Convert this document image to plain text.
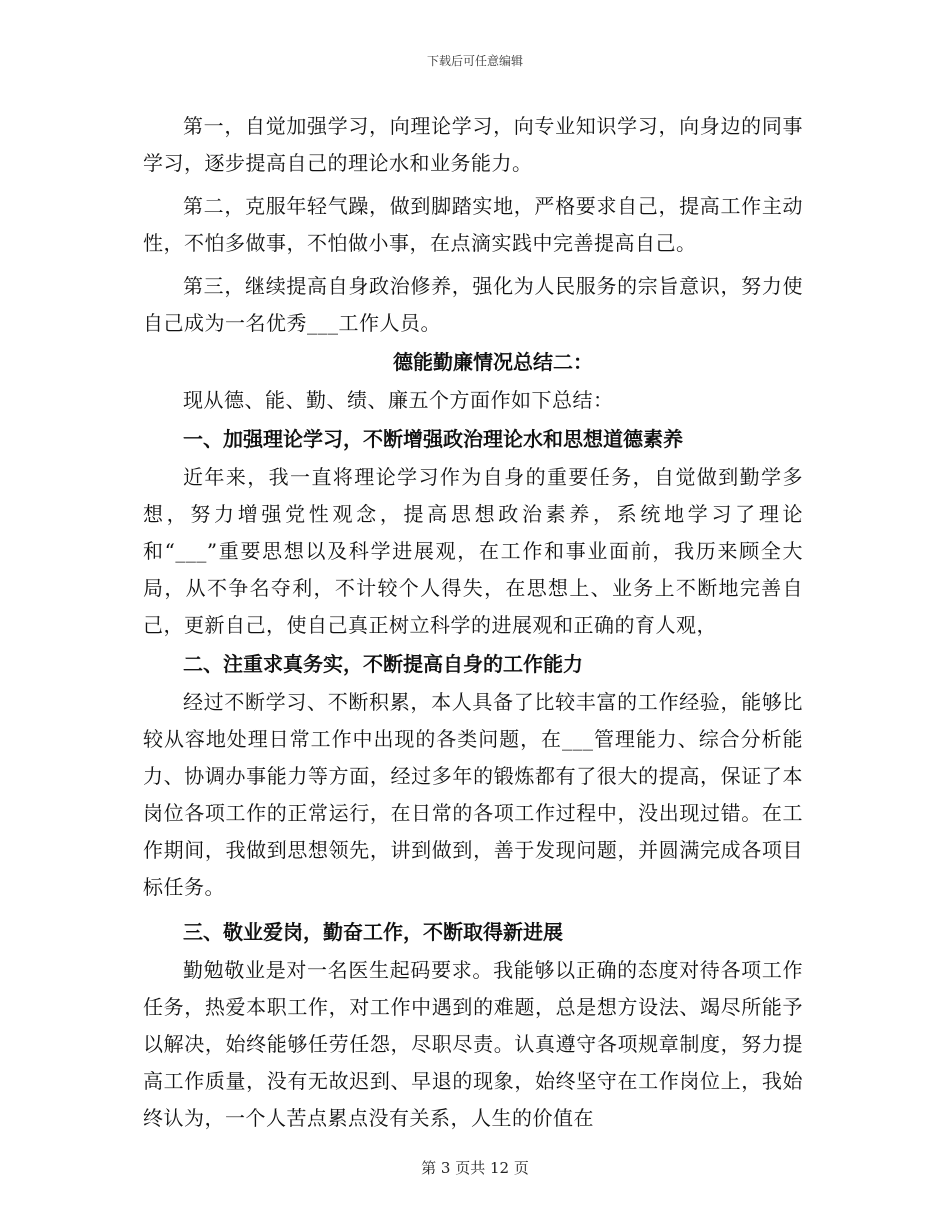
下载后可任意编辑

第一，自觉加强学习，向理论学习，向专业知识学习，向身边的同事学习，逐步提高自己的理论水和业务能力。

第二，克服年轻气躁，做到脚踏实地，严格要求自己，提高工作主动性，不怕多做事，不怕做小事，在点滴实践中完善提高自己。

第三，继续提高自身政治修养，强化为人民服务的宗旨意识，努力使自己成为一名优秀___工作人员。

德能勤廉情况总结二：

现从德、能、勤、绩、廉五个方面作如下总结：

一、加强理论学习，不断增强政治理论水和思想道德素养

近年来，我一直将理论学习作为自身的重要任务，自觉做到勤学多想，努力增强党性观念，提高思想政治素养，系统地学习了理论和“___”重要思想以及科学进展观，在工作和事业面前，我历来顾全大局，从不争名夺利，不计较个人得失，在思想上、业务上不断地完善自己，更新自己，使自己真正树立科学的进展观和正确的育人观，

二、注重求真务实，不断提高自身的工作能力

经过不断学习、不断积累，本人具备了比较丰富的工作经验，能够比较从容地处理日常工作中出现的各类问题，在___管理能力、综合分析能力、协调办事能力等方面，经过多年的锻炼都有了很大的提高，保证了本岗位各项工作的正常运行，在日常的各项工作过程中，没出现过错。在工作期间，我做到思想领先，讲到做到，善于发现问题，并圆满完成各项目标任务。

三、敬业爱岗，勤奋工作，不断取得新进展

勤勉敬业是对一名医生起码要求。我能够以正确的态度对待各项工作任务，热爱本职工作，对工作中遇到的难题，总是想方设法、竭尽所能予以解决，始终能够任劳任怨，尽职尽责。认真遵守各项规章制度，努力提高工作质量，没有无故迟到、早退的现象，始终坚守在工作岗位上，我始终认为，一个人苦点累点没有关系，人生的价值在

第 3 页共 12 页
